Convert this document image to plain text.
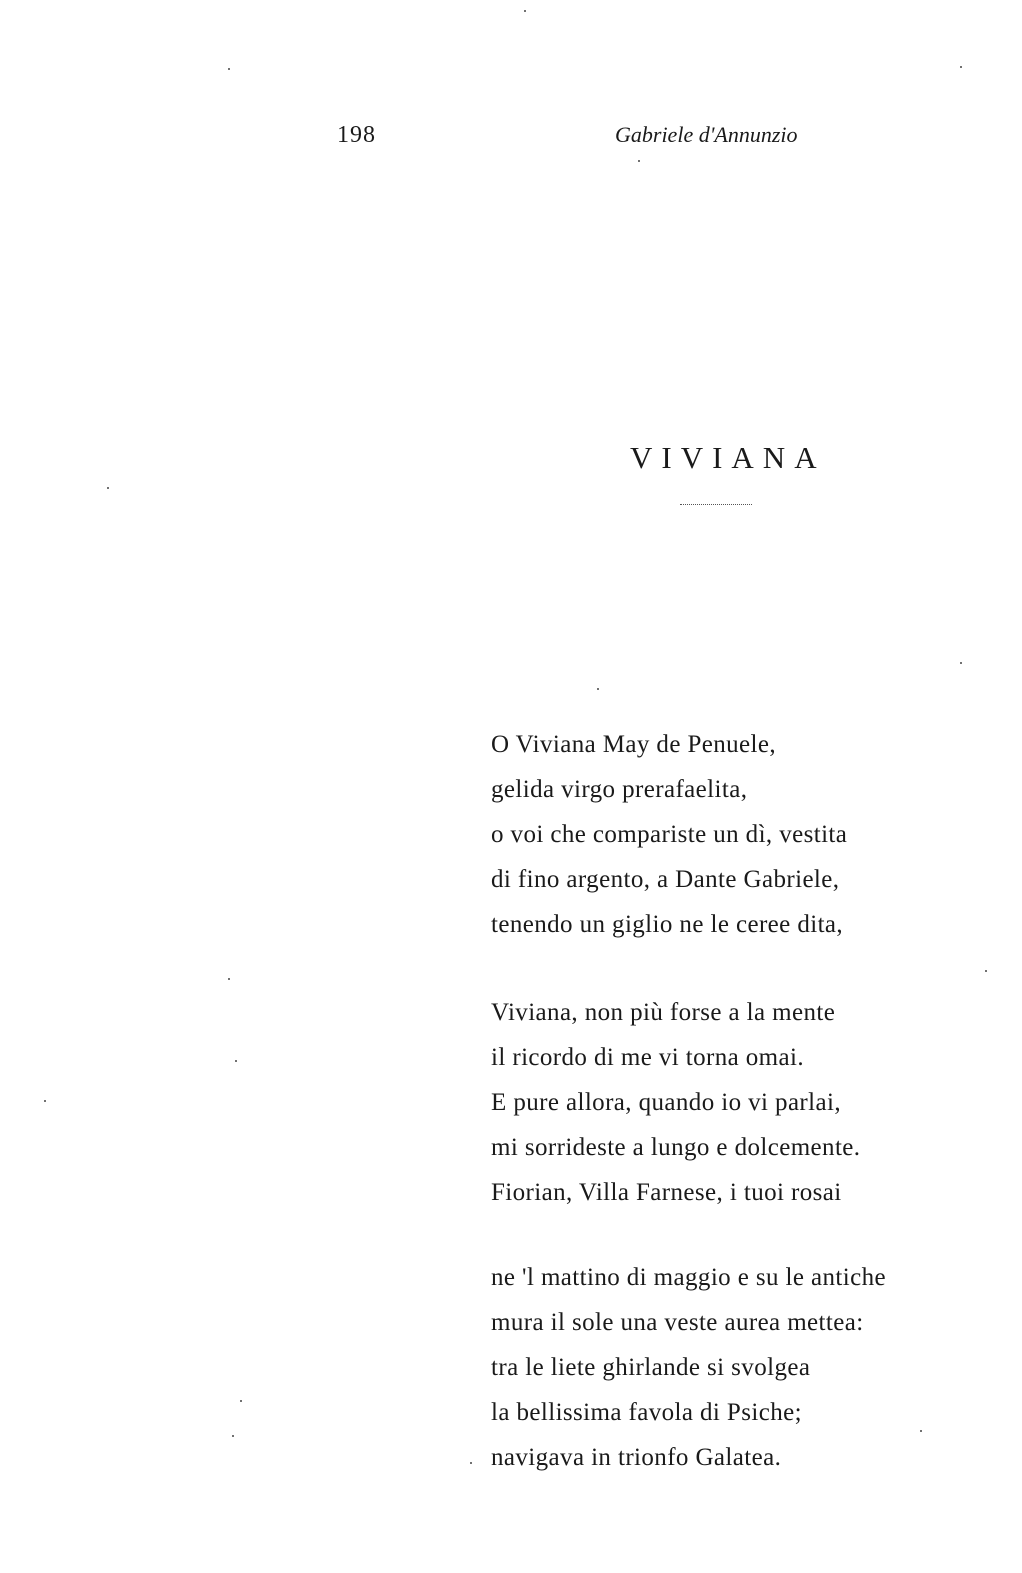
198	Gabriele d'Annunzio
VIVIANA
O Viviana May de Penuele,
gelida virgo prerafaelita,
o voi che compariste un dì, vestita
di fino argento, a Dante Gabriele,
tenendo un giglio ne le ceree dita,
Viviana, non più forse a la mente
il ricordo di me vi torna omai.
E pure allora, quando io vi parlai,
mi sorrideste a lungo e dolcemente.
Fiorian, Villa Farnese, i tuoi rosai
ne 'l mattino di maggio e su le antiche
mura il sole una veste aurea mettea:
tra le liete ghirlande si svolgea
la bellissima favola di Psiche;
navigava in trionfo Galatea.
